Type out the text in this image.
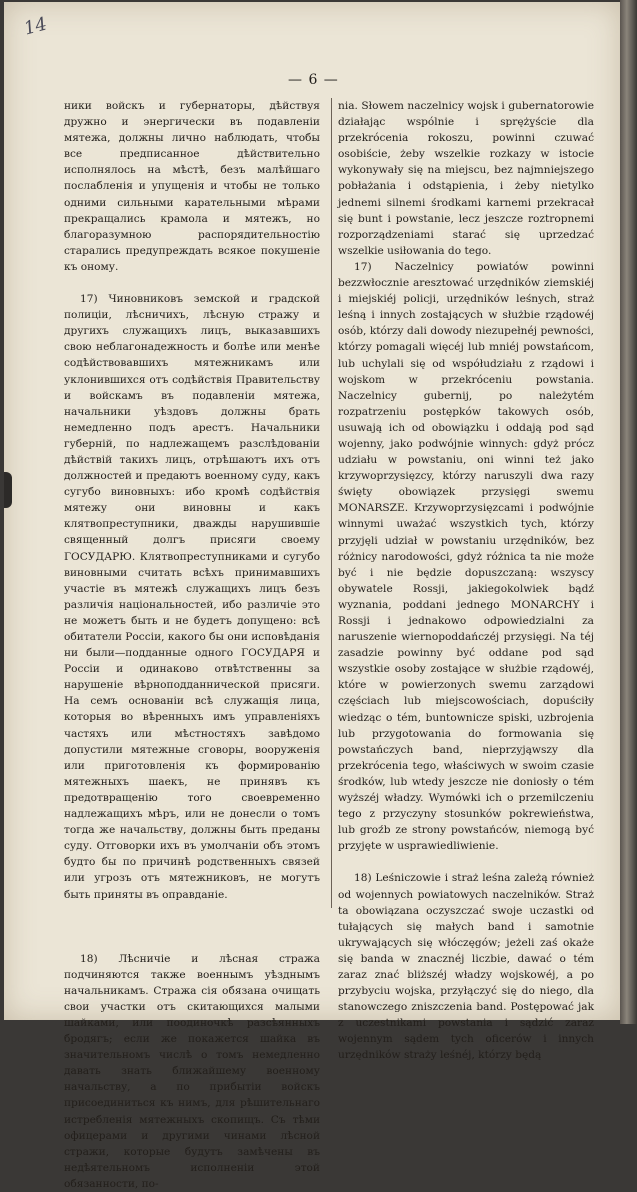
14
— 6 —

ники войскъ и губернаторы, дѣйствуя дружно и энергически въ подавленіи мятежа, должны лично наблюдать, чтобы все предписанное дѣйствительно исполнялось на мѣстѣ, безъ малѣйшаго послабленія и упущенія и чтобы не только одними сильными карательными мѣрами прекращались крамола и мятежъ, но благоразумною распорядительностію старались предупреждать всякое покушеніе къ оному.

17) Чиновниковъ земской и градской полиціи, лѣсничихъ, лѣсную стражу и другихъ служащихъ лицъ, выказавшихъ свою неблагонадежность и болѣе или менѣе содѣйствовавшихъ мятежникамъ или уклонившихся отъ содѣйствія Правительству и войскамъ въ подавленіи мятежа, начальники уѣздовъ должны брать немедленно подъ арестъ. Начальники губерній, по надлежащемъ разслѣдованіи дѣйствій такихъ лицъ, отрѣшаютъ ихъ отъ должностей и предаютъ военному суду, какъ сугубо виновныхъ: ибо кромѣ содѣйствія мятежу они виновны и какъ клятвопреступники, дважды нарушившіе священный долгъ присяги своему ГОСУДАРЮ. Клятвопреступниками и сугубо виновными считать всѣхъ принимавшихъ участіе въ мятежѣ служащихъ лицъ безъ различія національностей, ибо различіе это не можетъ быть и не будетъ допущено: всѣ обитатели Россіи, какого бы они исповѣданія ни были—подданные одного ГОСУДАРЯ и Россіи и одинаково отвѣтственны за нарушеніе вѣрноподданнической присяги. На семъ основаніи всѣ служащія лица, которыя во вѣренныхъ имъ управленіяхъ частяхъ или мѣстностяхъ завѣдомо допустили мятежные сговоры, вооруженія или приготовленія къ формированію мятежныхъ шаекъ, не принявъ къ предотвращенію того своевременно надлежащихъ мѣръ, или не донесли о томъ тогда же начальству, должны быть преданы суду. Отговорки ихъ въ умолчаніи объ этомъ будто бы по причинѣ родственныхъ связей или угрозъ отъ мятежниковъ, не могутъ быть приняты въ оправданіе.

18) Лѣсничіе и лѣсная стража подчиняются также военнымъ уѣзднымъ начальникамъ. Стража сія обязана очищать свои участки отъ скитающихся малыми шайками, или поодиночкѣ разсѣянныхъ бродягъ; если же покажется шайка въ значительномъ числѣ о томъ немедленно давать знать ближайшему военному начальству, а по прибытіи войскъ присоединиться къ нимъ, для рѣшительнаго истребленія мятежныхъ скопищъ. Съ тѣми офицерами и другими чинами лѣсной стражи, которые будутъ замѣчены въ недѣятельномъ исполненіи этой обязанности, по-

nia. Słowem naczelnicy wojsk i gubernatorowie działając wspólnie i spręży̨ście dla przekrócenia rokoszu, powinni czuwać osobiście, żeby wszelkie rozkazy w istocie wykonywały się na miejscu, bez najmniejszego pobłażania i odstąpienia, i żeby nietylko jednemi silnemi środkami karnemi przekracał się bunt i powstanie, lecz jeszcze roztropnemi rozporządzeniami starać się uprzedzać wszelkie usiłowania do tego.

17) Naczelnicy powiatów powinni bezzwłocznie aresztować urzędników ziemskiéj i miejskiéj policji, urzędników leśnych, straż leśną i innych zostających w służbie rządowéj osób, którzy dali dowody niezupełnéj pewności, którzy pomagali więcéj lub mniéj powstańcom, lub uchylali się od współudziału z rządowi i wojskom w przekróceniu powstania. Naczelnicy gubernij, po należytém rozpatrzeniu postępków takowych osób, usuwają ich od obowiązku i oddają pod sąd wojenny, jako podwójnie winnych: gdyż prócz udziału w powstaniu, oni winni też jako krzywoprzysięzcy, którzy naruszyli dwa razy święty obowiązek przysięgi swemu MONARSZE. Krzywoprzysięzcami i podwójnie winnymi uważać wszystkich tych, którzy przyjęli udział w powstaniu urzędników, bez różnicy narodowości, gdyż różnica ta nie może być i nie będzie dopuszczaną: wszyscy obywatele Rossji, jakiegokolwiek bądź wyznania, poddani jednego MONARCHY i Rossji i jednakowo odpowiedzialni za naruszenie wiernopoddańczéj przysięgi. Na téj zasadzie powinny być oddane pod sąd wszystkie osoby zostające w służbie rządowéj, które w powierzonych swemu zarządowi częściach lub miejscowościach, dopuściły wiedząc o tém, buntownicze spiski, uzbrojenia lub przygotowania do formowania się powstańczych band, nieprzyjąwszy dla przekrócenia tego, właściwych w swoim czasie środków, lub wtedy jeszcze nie doniosły o tém wyższéj władzy. Wymówki ich o przemilczeniu tego z przyczyny stosunków pokrewieństwa, lub groźb ze strony powstańców, niemogą być przyjęte w usprawiedliwienie.

18) Leśniczowie i straż leśna zależą również od wojennych powiatowych naczelników. Straż ta obowiązana oczyszczać swoje uczastki od tułających się małych band i samotnie ukrywających się włóczęgów; jeżeli zaś okaże się banda w znacznéj liczbie, dawać o tém zaraz znać bliższéj władzy wojskowéj, a po przybyciu wojska, przyłączyć się do niego, dla stanowczego zniszczenia band. Postępować jak z uczestnikami powstania i sądzić zaraz wojennym sądem tych oficerów i innych urzędników straży leśnéj, którzy będą
